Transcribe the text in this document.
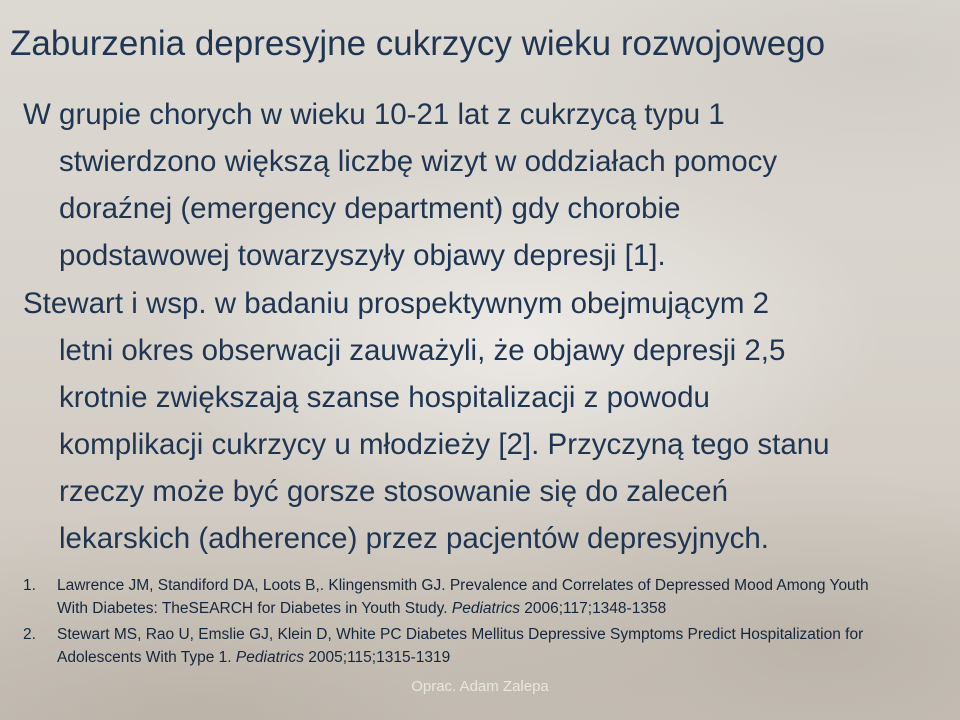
Zaburzenia depresyjne cukrzycy wieku rozwojowego

W grupie chorych w wieku 10-21 lat z cukrzycą typu 1
stwierdzono większą liczbę wizyt w oddziałach pomocy
doraźnej (emergency department) gdy chorobie
podstawowej towarzyszyły objawy depresji [1].

Stewart i wsp. w badaniu prospektywnym obejmującym 2
letni okres obserwacji zauważyli, że objawy depresji 2,5
krotnie zwiększają szanse hospitalizacji z powodu
komplikacji cukrzycy u młodzieży [2]. Przyczyną tego stanu
rzeczy może być gorsze stosowanie się do zaleceń
lekarskich (adherence) przez pacjentów depresyjnych.

1.	Lawrence JM, Standiford DA, Loots B,. Klingensmith GJ. Prevalence and Correlates of Depressed Mood Among Youth
With Diabetes: TheSEARCH for Diabetes in Youth Study. Pediatrics 2006;117;1348-1358
2.	Stewart MS, Rao U, Emslie GJ, Klein D, White PC Diabetes Mellitus Depressive Symptoms Predict Hospitalization for
Adolescents With Type 1. Pediatrics 2005;115;1315-1319
Oprac. Adam Zalepa
